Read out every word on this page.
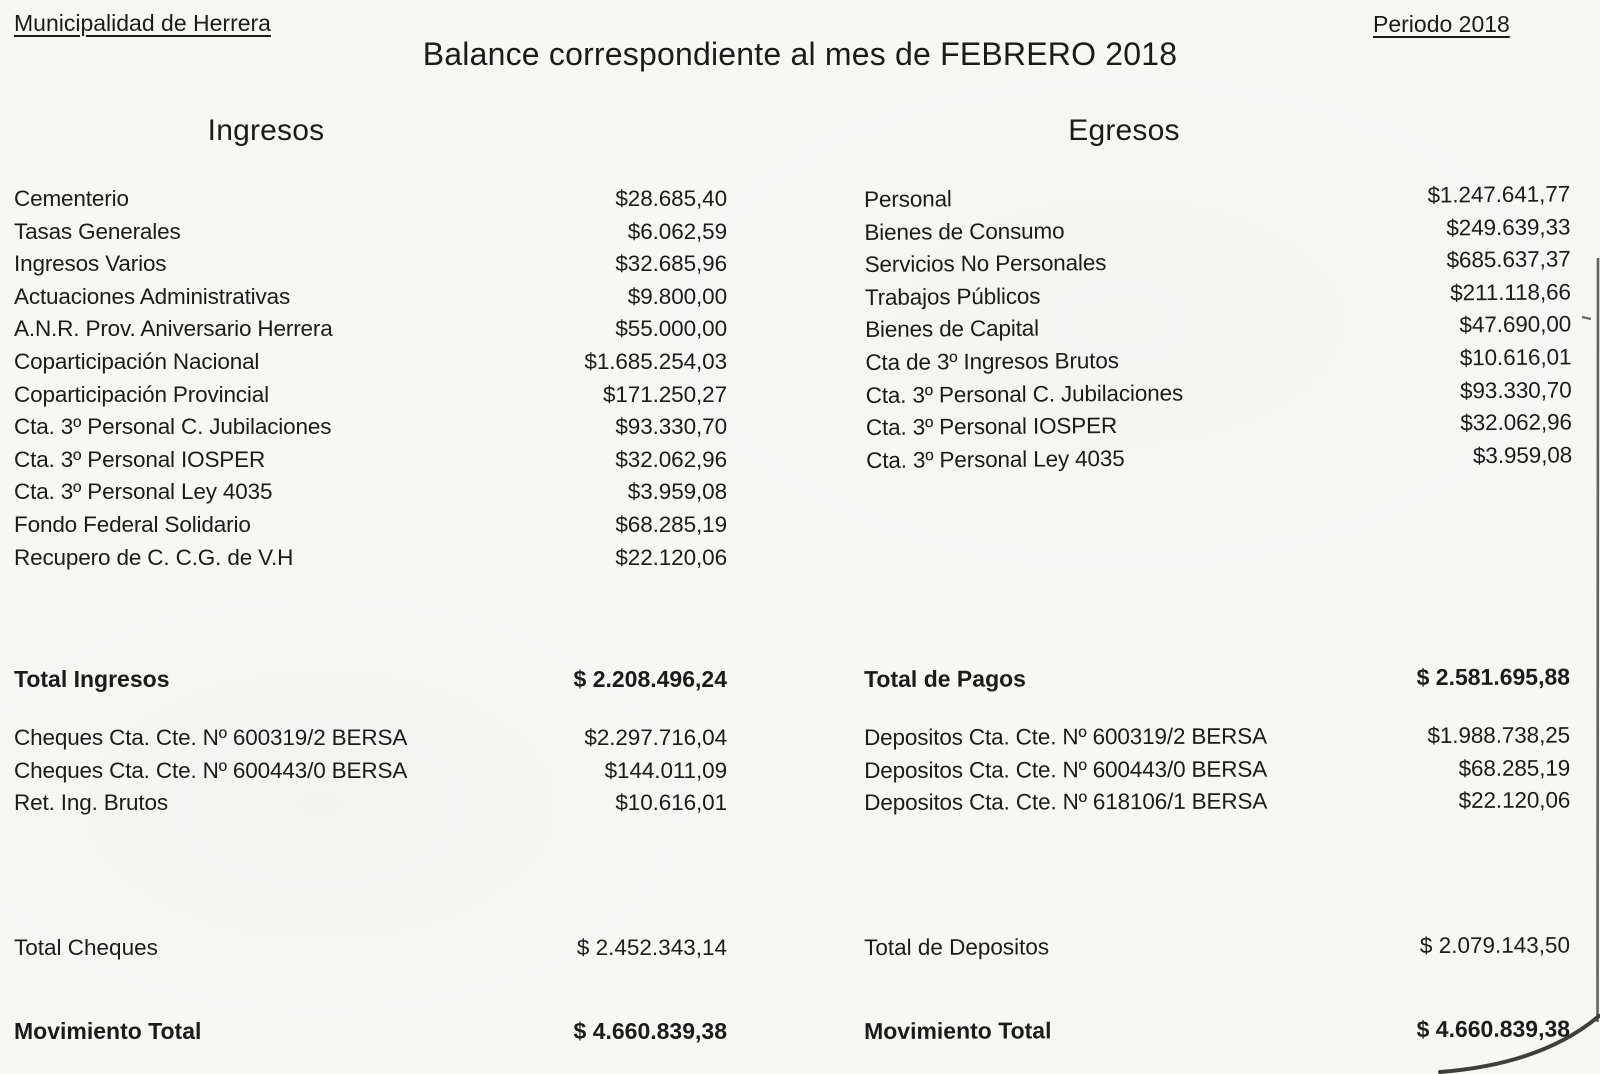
Municipalidad de Herrera	Periodo 2018
Balance correspondiente al mes de FEBRERO 2018
Ingresos
Cementerio	$28.685,40
Tasas Generales	$6.062,59
Ingresos Varios	$32.685,96
Actuaciones Administrativas	$9.800,00
A.N.R. Prov. Aniversario Herrera	$55.000,00
Coparticipación Nacional	$1.685.254,03
Coparticipación Provincial	$171.250,27
Cta. 3º Personal C. Jubilaciones	$93.330,70
Cta. 3º Personal IOSPER	$32.062,96
Cta. 3º Personal Ley 4035	$3.959,08
Fondo Federal Solidario	$68.285,19
Recupero de C. C.G. de V.H	$22.120,06
Total Ingresos	$ 2.208.496,24
Cheques Cta. Cte. Nº 600319/2 BERSA	$2.297.716,04
Cheques Cta. Cte. Nº 600443/0 BERSA	$144.011,09
Ret. Ing. Brutos	$10.616,01
Total Cheques	$ 2.452.343,14
Movimiento Total	$ 4.660.839,38
Egresos
Personal	$1.247.641,77
Bienes de Consumo	$249.639,33
Servicios No Personales	$685.637,37
Trabajos Públicos	$211.118,66
Bienes de Capital	$47.690,00
Cta de 3º Ingresos Brutos	$10.616,01
Cta. 3º Personal C. Jubilaciones	$93.330,70
Cta. 3º Personal IOSPER	$32.062,96
Cta. 3º Personal Ley 4035	$3.959,08
Total de Pagos	$ 2.581.695,88
Depositos Cta. Cte. Nº 600319/2 BERSA	$1.988.738,25
Depositos Cta. Cte. Nº 600443/0 BERSA	$68.285,19
Depositos Cta. Cte. Nº 618106/1 BERSA	$22.120,06
Total de Depositos	$ 2.079.143,50
Movimiento Total	$ 4.660.839,38
